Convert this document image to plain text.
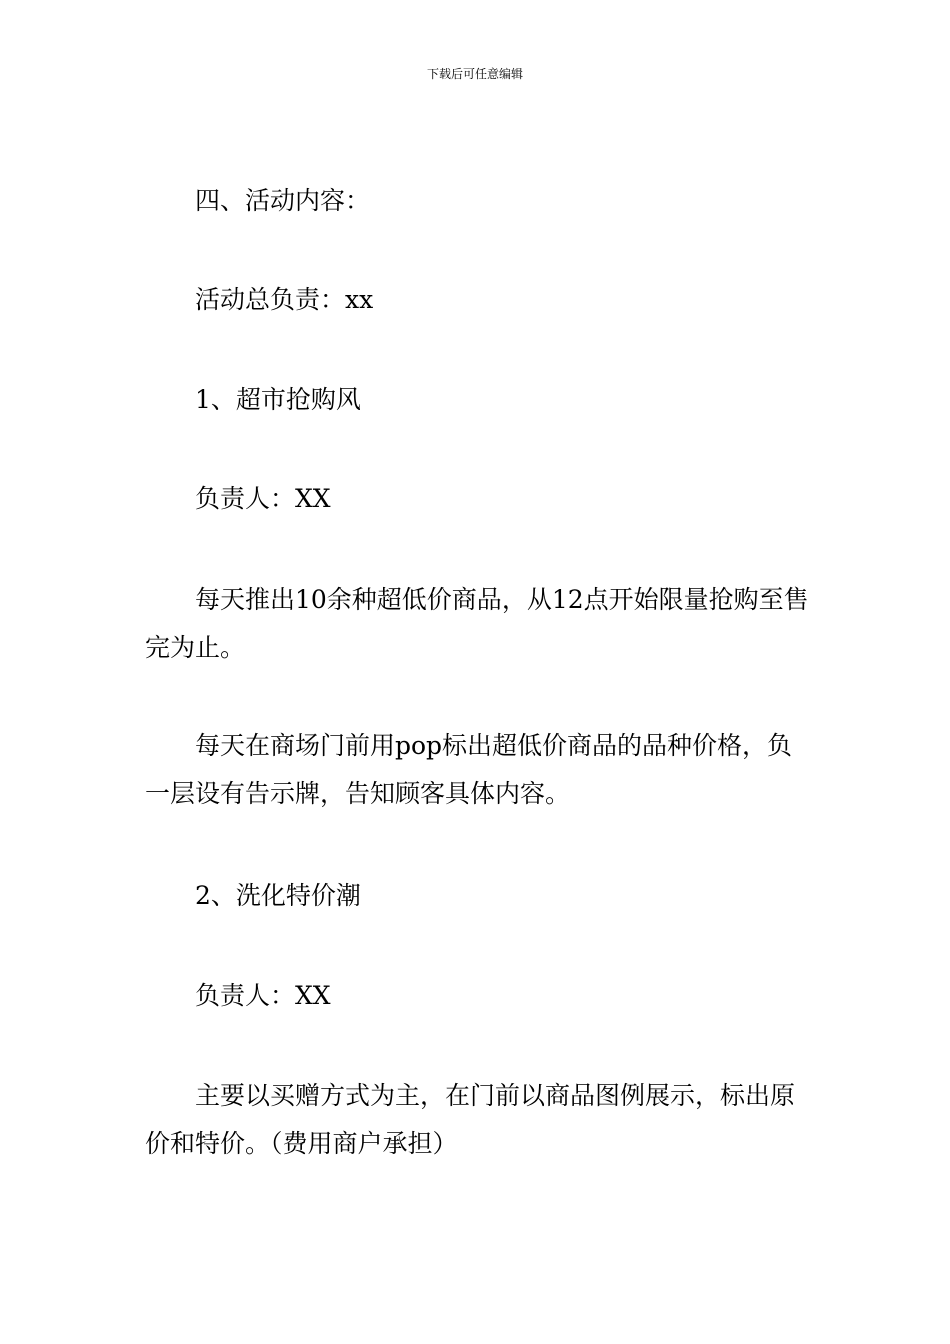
下载后可任意编辑
四、活动内容：
活动总负责：xx
1、超市抢购风
负责人：XX
每天推出10余种超低价商品，从12点开始限量抢购至售完为止。
每天在商场门前用pop标出超低价商品的品种价格，负一层设有告示牌，告知顾客具体内容。
2、洗化特价潮
负责人：XX
主要以买赠方式为主，在门前以商品图例展示，标出原价和特价。（费用商户承担）
